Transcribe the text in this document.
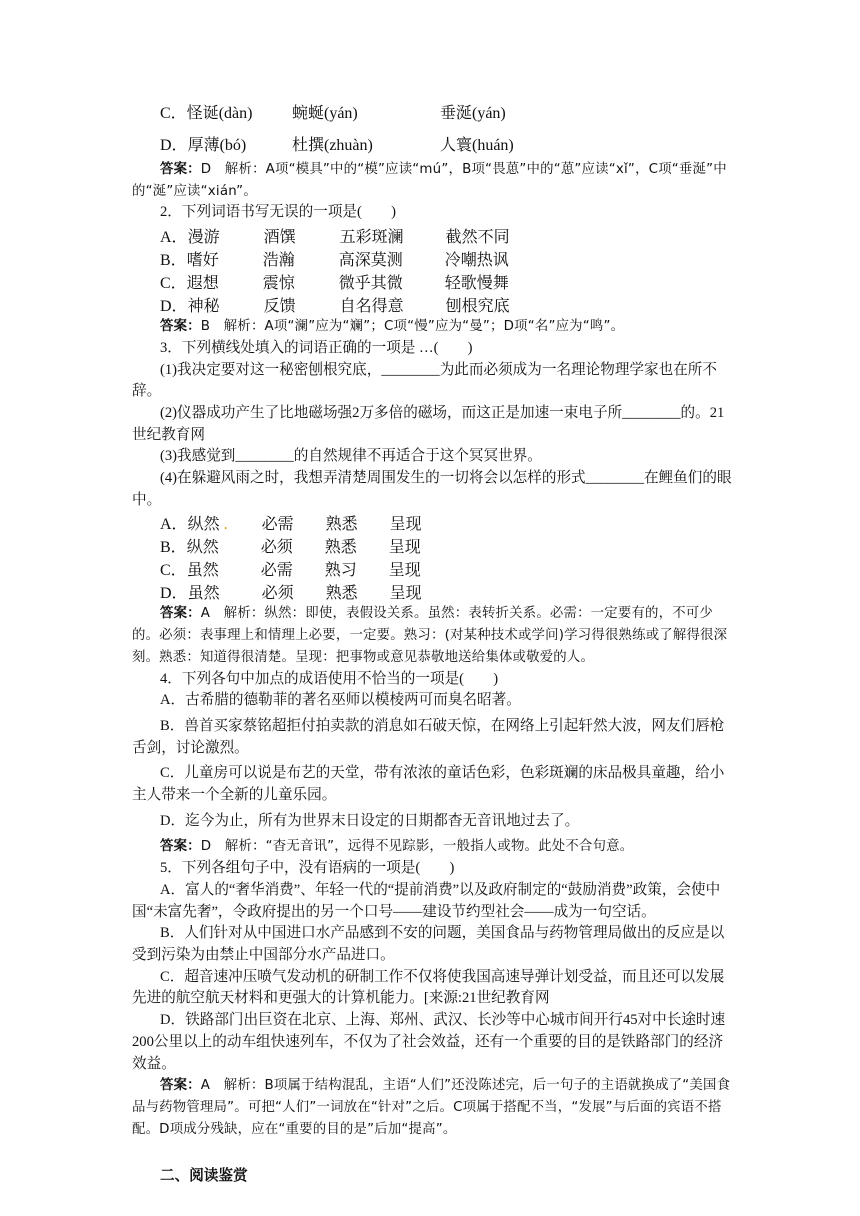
C．怪诞(dàn)	蜿蜒(yán)	垂涎(yán)
D．厚薄(bó)	杜撰(zhuàn)	人寰(huán)

答案：D　解析：A项“模具”中的“模”应读“mú”，B项“畏葸”中的“葸”应读“xǐ”，C项“垂涎”中的“涎”应读“xián”。

2．下列词语书写无误的一项是(　　)

A． 漫游	酒馔	五彩斑澜	截然不同
B． 嗜好	浩瀚	高深莫测	冷嘲热讽
C． 遐想	震惊	微乎其微	轻歌慢舞
D． 神秘	反馈	自名得意	刨根究底

答案：B　解析：A项“澜”应为“斓”；C项“慢”应为“曼”；D项“名”应为“鸣”。

3．下列横线处填入的词语正确的一项是 …(　　)

(1)我决定要对这一秘密刨根究底，________为此而必须成为一名理论物理学家也在所不辞。

(2)仪器成功产生了比地磁场强2万多倍的磁场，而这正是加速一束电子所________的。21世纪教育网

(3)我感觉到________的自然规律不再适合于这个冥冥世界。

(4)在躲避风雨之时，我想弄清楚周围发生的一切将会以怎样的形式________在鲤鱼们的眼中。

A． 纵然 .	必需	熟悉	呈现
B． 纵然	必须	熟悉	呈现
C． 虽然	必需	熟习	呈现
D． 虽然	必须	熟悉	呈现

答案：A　解析：纵然：即使，表假设关系。虽然：表转折关系。必需：一定要有的，不可少的。必须：表事理上和情理上必要，一定要。熟习：(对某种技术或学问)学习得很熟练或了解得很深刻。熟悉：知道得很清楚。呈现：把事物或意见恭敬地送给集体或敬爱的人。

4．下列各句中加点的成语使用不恰当的一项是(　　)

A．古希腊的德勒菲的著名巫师以模棱两可而臭名昭著。

B．兽首买家蔡铭超拒付拍卖款的消息如石破天惊，在网络上引起轩然大波，网友们唇枪舌剑，讨论激烈。

C．儿童房可以说是布艺的天堂，带有浓浓的童话色彩，色彩斑斓的床品极具童趣，给小主人带来一个全新的儿童乐园。

D．迄今为止，所有为世界末日设定的日期都杳无音讯地过去了。

答案：D　解析：“杳无音讯”，远得不见踪影，一般指人或物。此处不合句意。

5．下列各组句子中，没有语病的一项是(　　)

A．富人的“奢华消费”、年轻一代的“提前消费”以及政府制定的“鼓励消费”政策，会使中国“未富先奢”，令政府提出的另一个口号——建设节约型社会——成为一句空话。

B．人们针对从中国进口水产品感到不安的问题，美国食品与药物管理局做出的反应是以受到污染为由禁止中国部分水产品进口。

C．超音速冲压喷气发动机的研制工作不仅将使我国高速导弹计划受益，而且还可以发展先进的航空航天材料和更强大的计算机能力。[来源:21世纪教育网

D．铁路部门出巨资在北京、上海、郑州、武汉、长沙等中心城市间开行45对中长途时速200公里以上的动车组快速列车，不仅为了社会效益，还有一个重要的目的是铁路部门的经济效益。

答案：A　解析：B项属于结构混乱，主语“人们”还没陈述完，后一句子的主语就换成了“美国食品与药物管理局”。可把“人们”一词放在“针对”之后。C项属于搭配不当，“发展”与后面的宾语不搭配。D项成分残缺，应在“重要的目的是”后加“提高”。

二、阅读鉴赏
